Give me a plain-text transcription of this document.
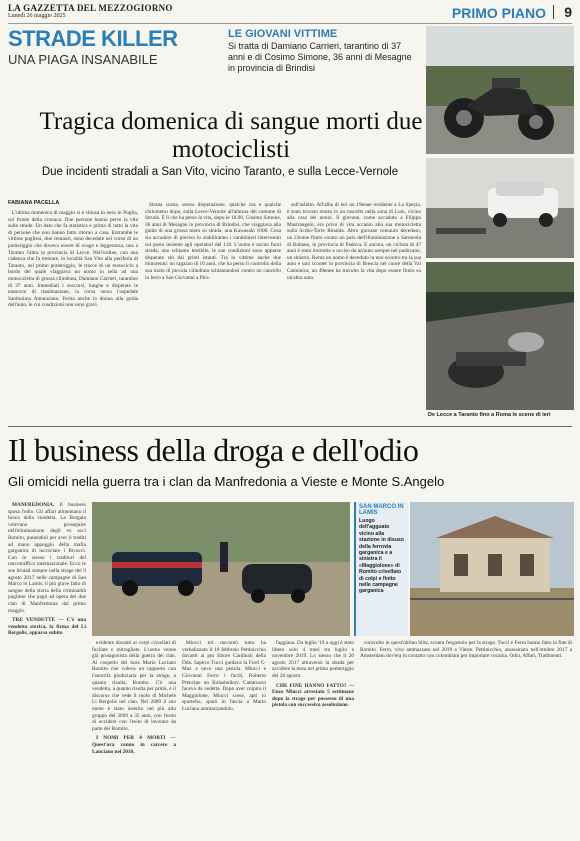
LA GAZZETTA DEL MEZZOGIORNO
Lunedì 26 maggio 2025	PRIMO PIANO 9
STRADE KILLER
UNA PIAGA INSANABILE
LE GIOVANI VITTIME
Si tratta di Damiano Carrieri, tarantino di 37 anni e di Cosimo Simone, 36 anni di Mesagne in provincia di Brindisi
Tragica domenica di sangue morti due motociclisti
Due incidenti stradali a San Vito, vicino Taranto, e sulla Lecce-Vernole
De Lecce a Taranto fino a Roma le scene di ieri
FABIANA PACELLA

L'ultima domenica di maggio si è chiusa in nero in Puglia, sul fronte della cronaca. Due persone hanno perso la vita sulle strade. Un dato che fa statistica e prima di tutto la vita di persone che non hanno fatto ritorno a casa. Entrambe le vittime pugliesi, due centauri, sono decedute nel corso di un pomeriggio che doveva essere di svago e leggerezza, una a Taranto l'altra in provincia di Lecce. Nell'ordine, con una cadenza che fa tremare, in località San Vito alla periferia di Taranto, nel primo pomeriggio, le tracce di un motociclo a bordo del quale viaggiava un uomo in sella ad una motocicletta di grossa cilindrata, Damiano Carrieri, tarantino di 37 anni. Immediati i soccorsi, lunghe e disperate le manovre di rianimazione, la corsa verso l'ospedale Santissima Annunziata. Ferita anche la donna alla guida dell'auto, le cui condizioni non sono gravi.

Strana scena, stessa disperazione, qualche ora e qualche chilometro dopo, sulla Lecce-Vernole all'altezza del comune di Strudà. È lì che ha perso la vita, dopo le 18.00, Cosimo Simone, 36 anni di Mesagne in provincia di Brindisi, che viaggiava alla guida di una grossa moto su strada, una Kawasaki 1000. Cosa sia accaduto di preciso lo stabiliranno i carabinieri intervenuti sul posto insieme agli operatori del 118. L'uomo è uscito fuori strada, uno schianto terribile, le sue condizioni sono apparse disperate sin dai primi istanti. Tra le vittime anche due minorenni: un ragazzo di 16 anni, che ha perso il controllo della sua moto di piccola cilindrata schiantandosi contro un cancello in ferro a San Giovanni a Piro.

sull'asfalto. All'alba di ieri un 19enne residente a La Spezia, è stato trovato morto in un ruscello nella zona di Luni, vicino alla casa dei nonni. Il giovane, come accaduto a Filippo Mastrangelo, era privo di vita accanto alla sua motocicletta sulla Scrbo-Torre Rinalda. Altro giovane centauro deceduto, un 23enne finito contro un palo dell'illuminazione a Sarmeola di Rubano, in provincia di Padova. E ancora, un ciclista di 47 anni è stato investito e ucciso da un'auto sempre nel padovano, un sinistro. Roma un uomo è deceduto in uno scontro tra la sua auto e uno scooter in provincia di Brescia nel cuore della Val Camonica, un 49enne ha travolto la vita dopo essere finito su un'altra auto.

Il business della droga e dell'odio
Gli omicidi nella guerra tra i clan da Manfredonia a Vieste e Monte S.Angelo

MANFREDONIA. Il business sposa l'odio. Gli affari alimentano il fuoco della vendetta. La Borgata volevano proseguire nell'eliminazione degli ex soci Romito, punendoli per aver li traditi ad mano appoggio della mafia garganica di incrociare i Ricucci. Con lo stesso i traditori del narcotraffico internazionale. Ecco le sue brutali sempre nella strage del 9 agosto 2017 nelle campagne di San Marco in Lamis, il più grave fatto di sangue della storia della criminalità pugliese che pagò ad opera dei due clan di Manfredonia dal primo maggio.

TRE VENDETTE — C'è una vendetta storica, la firma del Li Bergolis, apparsa subito

SAN MARCO IN LAMIS
Luogo dell'agguato vicino alla stazione in disuso della ferrovia garganica e a sinistra il «Maggiolone» di Romito crivellato di colpi e finito nelle campagne garganica

evidente davanti ai corpi crivellati di fucilate e mitragliate. L'uomo venne già protagonista della guerra dei clan. Al cospetto del boss Mario Luciano Romito che voleva un rapporto con l'autorità giudiziaria per la strage, a quanto risulta, Romito. C'è una vendetta, a quanto risulta per primi, e il discorso che vede il ruolo di Michele Li Bergolis nel clan. Nel 2009 il suo nome è stato inserito nel più alto gruppo del 2009 a 35 anni, con l'esito di uccidere con l'esito di lavorare da parte dei Romito.

I NOMI PER 4 MORTI — Quest'ora vanno in carcere a Lanciano nel 2018.

Miucci mi raccontò tutto ha verbalizzato il 18 febbraio Pettinicchio davanti ai pm Ettore Cardinali della Dda. Sapevo Tucci guidava la Ford C-Max a nevo una pistola. Miucci e Giovanni Ferro i fucili, Roberto Prencipe un Kalashnikov. Cattaruzzo faceva da vedetta. Dopo aver colpito il Maggiolone, Miucci scese, aprì lo sportello, sparò in faccia a Mario Luciano ammazzandolo.

faggiana. Da luglio '19 a oggi è stato libero solo 4 mesi tra luglio e novembre 2019. Lo stesso che il 20 agosto 2017 attraversò la strada per uccidere la testa nel primo pomeriggio del 20 agosto.

CHE FINE HANNO FATTO? — Enzo Miucci arrestato 5 settimane dopo la strage per possesso di una pistola con successiva assoluzione.

coinvolto in quest'ultimo blitz, sconta l'ergastolo per la strage. Tucci e Ferro hanno fatto la fine di Romito. Ferro, vivo ammazzato nel 2019 a Vieste. Pettinicchio, assassinato nell'ottobre 2017 a Amsterdam dov'era in contatto con colombiani per importare cocaina. Odio, Affari, Tradimenti.
